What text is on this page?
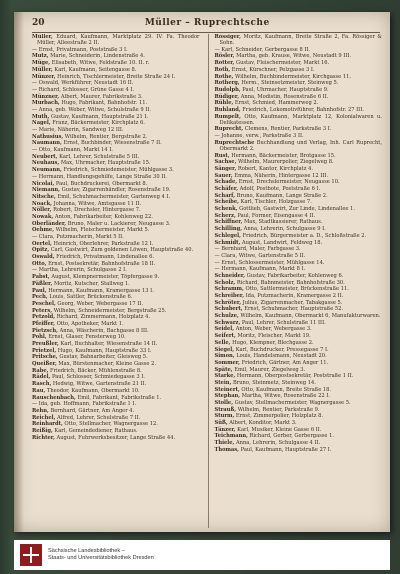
20	Müller – Ruprechtsche
Müller, Eduard, Kaufmann, Marktplatz 29. IV. Fa. Theodor Müller, Alleestraße 2 II.
— Ernst, Privatmann, Poststraße 3 I.
Mutz, Marie, Schneiderin, Lindenstraße 4.
Müge, Elisabeth, Witwe, Feldstraße 10. II. r.
Müller, Karl, Kaufmann, Seitengasse 8.
Münzer, Heinrich, Tischlermeister, Breite Straße 24 I.
— Oswald, Werkführer, Neustadt 16 II.
— Richard, Schlosser, Grüne Gasse 4 I.
Münzner, Albert, Maurer, Fabrikstraße 3.
Murbach, Hugo, Fabrikant, Bahnhofstr. 11.
— Anna, geb. Weber, Witwe, Schulstraße 9 II.
Muth, Gustav, Kaufmann, Hauptstraße 21 I.
Nagel, Franz, Bäckermeister, Kirchplatz 6.
— Marie, Näherin, Sandweg 12 III.
Nathusius, Wilhelm, Rentier, Bergstraße 2.
Naumann, Ernst, Buchbinder, Wiesenstraße 7 II.
— Otto, Kaufmann, Markt 14 I.
Neubert, Karl, Lehrer, Schulstraße 5 III.
Neuhaus, Max, Uhrmacher, Hauptstraße 15.
Neumann, Friedrich, Schmiedemeister, Mühlgasse 3.
— Hermann, Handlungsgehilfe, Lange Straße 30 II.
Nicolai, Paul, Buchdruckerei, Obermarkt 8.
Niemann, Gustav, Zigarrenhändler, Rosenstraße 19.
Nitsche, Emil, Schuhmachermeister, Gartenweg 4 I.
Noack, Johanna, Witwe, Amtsgasse 11 II.
Nöller, Robert, Drechsler, Hintergasse 7.
Nowak, Anton, Fabrikarbeiter, Kohlenweg 22.
Oberländer, Bruno, Maler u. Lackierer, Neugasse 3.
Oehme, Wilhelm, Fleischermeister, Markt 5.
— Clara, Putzmacherin, Markt 5 II.
Oertel, Heinrich, Oberlehrer, Parkstraße 12 I.
Opitz, Carl, Gastwirt, Zum goldenen Löwen, Hauptstraße 40.
Oswald, Friedrich, Privatmann, Lindenallee 6.
Otto, Ernst, Postsekretär, Bahnhofstraße 18 II.
— Martha, Lehrerin, Schulgasse 2 I.
Pabst, August, Klempnermeister, Töpfergasse 9.
Päßler, Moritz, Kutscher, Stallweg 1.
Paul, Hermann, Kaufmann, Kramergasse 13 I.
Pech, Louis, Sattler, Brückenstraße 6.
Peschel, Georg, Weber, Webergasse 17 II.
Peters, Wilhelm, Schneidermeister, Bergstraße 25.
Petzold, Richard, Zimmermann, Holzplatz 4.
Pfeiffer, Otto, Apotheker, Markt 1.
Pietzsch, Anna, Wäscherin, Bachgasse 8 III.
Pohl, Ernst, Glaser, Fensterweg 10.
Preußler, Karl, Buchhalter, Wiesenstraße 14 II.
Prietzel, Hugo, Kaufmann, Hauptstraße 33 I.
Pritsche, Gustav, Bahnarbeiter, Gleisweg 5.
Queißer, Max, Bürstenmacher, Kleine Gasse 2.
Rabe, Friedrich, Bäcker, Mühlenstraße 8.
Rädel, Paul, Schlosser, Schmiedegasse 3 I.
Rasch, Hedwig, Witwe, Gartenstraße 21 II.
Rau, Theodor, Kaufmann, Obermarkt 10.
Rauschenbach, Emil, Fabrikant, Fabrikstraße 1.
— Ida, geb. Hoffmann, Fabrikstraße 1 I.
Rehn, Bernhard, Gärtner, Am Anger 4.
Reichel, Alfred, Lehrer, Schulstraße 7 II.
Reinhardt, Otto, Stellmacher, Wagnergasse 12.
Reißig, Karl, Gemeindediener, Rathaus.
Richter, August, Fuhrwerksbesitzer, Lange Straße 44.
Rössiger, Moritz, Kaufmann, Breite Straße 2, Fa. Rössiger & Sohn.
— Karl, Schneider, Gerbergasse 8 II.
Rösler, Martha, geb. Krause, Witwe, Neustadt 9 III.
Rotter, Gustav, Fleischermeister, Markt 16.
Roth, Ernst, Kürschner, Pelzgasse 3 I.
Rothe, Wilhelm, Buchbindermeister, Kirchgasse 11.
Rotherg, Herm., Steinsetzmeister, Steinweg 5.
Rudolph, Paul, Uhrmacher, Hauptstraße 9.
Rüdiger, Anna, Modistin, Rosenstraße 6 II.
Rühle, Ernst, Schmied, Hammerweg 2.
Ruhland, Friedrich, Lokomotivführer, Bahnhofstr. 27 III.
Rumpelt, Otto, Kaufmann, Marktplatz 12, Kolonialwaren u. Delikatessen.
Ruprecht, Clemens, Rentier, Parkstraße 3 I.
— Johanne, verw., Parkstraße 3 II.
Ruprechtsche Buchhandlung und Verlag, Inh. Carl Ruprecht, Obermarkt 2.
Rust, Hermann, Bäckermeister, Brotgasse 15.
Sachse, Wilhelm, Maurerpolier, Ziegelweg 8.
Sänger, Robert, Kantor, Kirchplatz 4.
Sauer, Emma, Näherin, Hintergasse 12 III.
Schade, Ernst, Drechslermeister, Neugasse 10.
Schäfer, Adolf, Postbote, Poststraße 6 I.
Scharf, Bruno, Kaufmann, Lange Straße 2.
Scheibe, Karl, Tischler, Holzgasse 7.
Schenk, Gottlieb, Gastwirt, Zur Linde, Lindenallee 1.
Scherz, Paul, Former, Eisengasse 4 II.
Schiffner, Max, Stadtkassierer, Rathaus.
Schilling, Anna, Lehrerin, Schulgasse 9 I.
Schlegel, Friedrich, Bürgermeister a. D., Schloßstraße 2.
Schmidt, August, Landwirt, Feldweg 18.
— Bernhard, Maler, Farbgasse 3.
— Clara, Witwe, Gartenstraße 5 II.
— Ernst, Schlossermeister, Mühlgasse 14.
— Hermann, Kaufmann, Markt 8 I.
Schneider, Gustav, Fabrikarbeiter, Kohlenweg 6.
Scholz, Richard, Bahnmeister, Bahnhofstraße 30.
Schramm, Otto, Sattlermeister, Brückenstraße 11.
Schreiber, Ida, Putzmacherin, Kramergasse 2 II.
Schröter, Julius, Zigarrenmacher, Tabakgasse 5.
Schubert, Ernst, Schuhmacher, Hauptstraße 52.
Schulze, Wilhelm, Kaufmann, Obermarkt 6, Manufakturwaren.
Schwarz, Paul, Lehrer, Schulstraße 11 III.
Seidel, Anton, Weber, Webergasse 3.
Seifert, Moritz, Fleischer, Markt 19.
Selle, Hugo, Klempner, Blechgasse 2.
Siegel, Karl, Buchdrucker, Pressegasse 7 I.
Simon, Louis, Handelsmann, Neustadt 20.
Sommer, Friedrich, Gärtner, Am Anger 11.
Späte, Emil, Maurer, Ziegelweg 3.
Starke, Hermann, Oberpostsekretär, Poststraße 1 II.
Stein, Bruno, Steinmetz, Steinweg 14.
Steinert, Otto, Kaufmann, Breite Straße 18.
Stephan, Martha, Witwe, Rosenstraße 22 I.
Stolle, Gustav, Stellmachermeister, Wagnergasse 5.
Strauß, Wilhelm, Rentier, Parkstraße 9.
Sturm, Ernst, Zimmerpolier, Holzplatz 8.
Süß, Albert, Konditor, Markt 3.
Tänzer, Karl, Musiker, Kleine Gasse 6 II.
Teichmann, Richard, Gerber, Gerbergasse 1.
Thiele, Anna, Lehrerin, Schulgasse 4 II.
Thomas, Paul, Kaufmann, Hauptstraße 27 I.
Sächsische Landesbibliothek –
Staats- und Universitätsbibliothek Dresden
